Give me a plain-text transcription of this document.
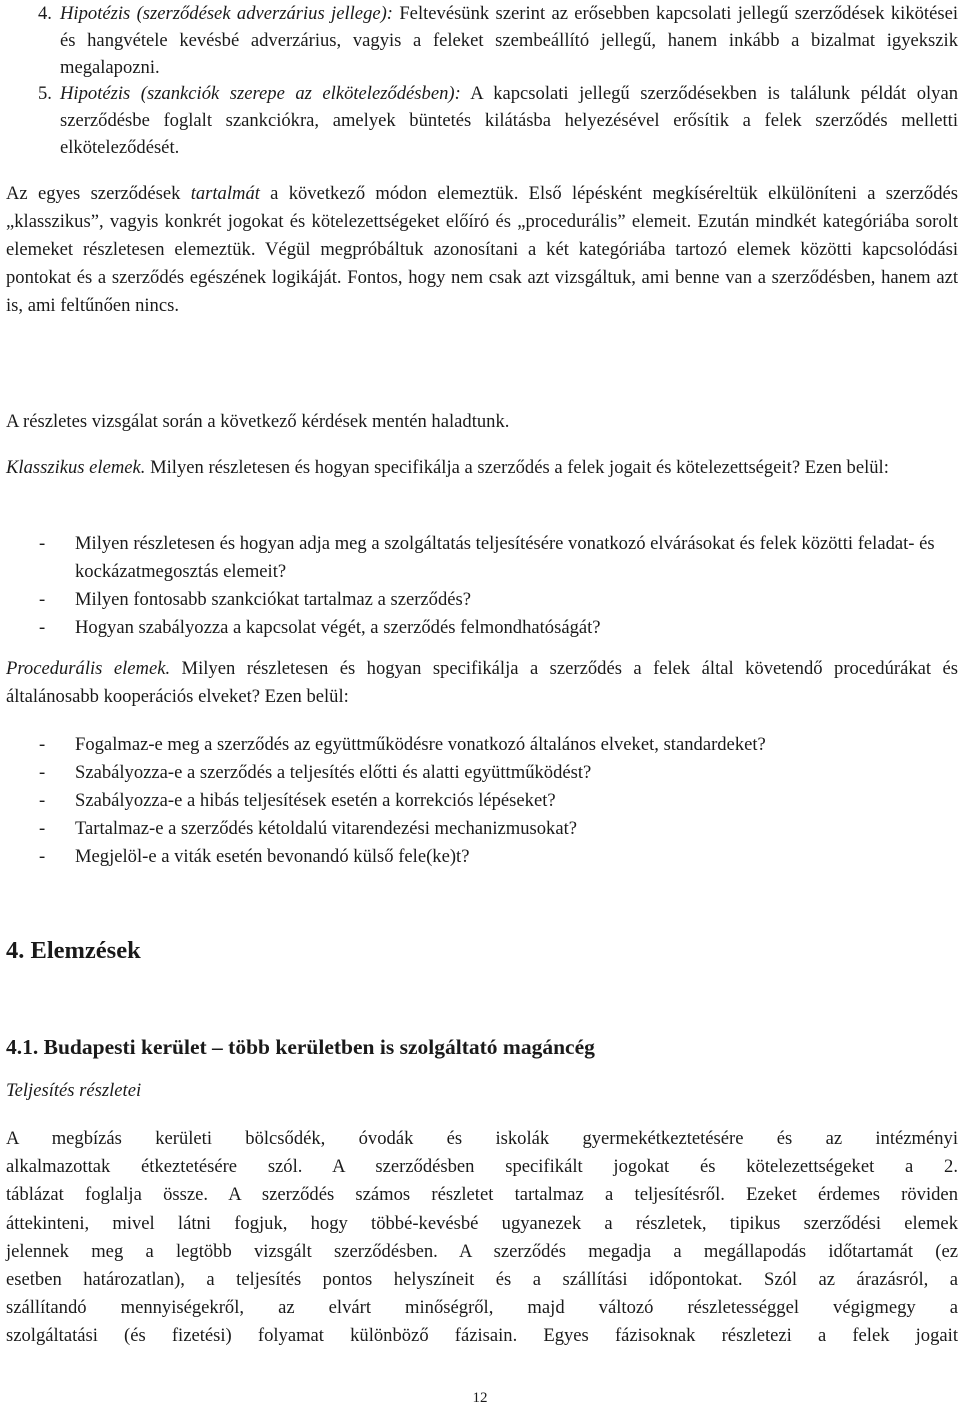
4. Hipotézis (szerződések adverzárius jellege): Feltevésünk szerint az erősebben kapcsolati jellegű szerződések kikötései és hangvétele kevésbé adverzárius, vagyis a feleket szembeállító jellegű, hanem inkább a bizalmat igyekszik megalapozni.
5. Hipotézis (szankciók szerepe az elköteleződésben): A kapcsolati jellegű szerződésekben is találunk példát olyan szerződésbe foglalt szankciókra, amelyek büntetés kilátásba helyezésével erősítik a felek szerződés melletti elköteleződését.

Az egyes szerződések tartalmát a következő módon elemeztük. Első lépésként megkíséreltük elkülöníteni a szerződés „klasszikus”, vagyis konkrét jogokat és kötelezettségeket előíró és „procedurális” elemeit. Ezután mindkét kategóriába sorolt elemeket részletesen elemeztük. Végül megpróbáltuk azonosítani a két kategóriába tartozó elemek közötti kapcsolódási pontokat és a szerződés egészének logikáját. Fontos, hogy nem csak azt vizsgáltuk, ami benne van a szerződésben, hanem azt is, ami feltűnően nincs.

A részletes vizsgálat során a következő kérdések mentén haladtunk.

Klasszikus elemek. Milyen részletesen és hogyan specifikálja a szerződés a felek jogait és kötelezettségeit? Ezen belül:

- Milyen részletesen és hogyan adja meg a szolgáltatás teljesítésére vonatkozó elvárásokat és felek közötti feladat- és kockázatmegosztás elemeit?
- Milyen fontosabb szankciókat tartalmaz a szerződés?
- Hogyan szabályozza a kapcsolat végét, a szerződés felmondhatóságát?

Procedurális elemek. Milyen részletesen és hogyan specifikálja a szerződés a felek által követendő procedúrákat és általánosabb kooperációs elveket? Ezen belül:

- Fogalmaz-e meg a szerződés az együttműködésre vonatkozó általános elveket, standardeket?
- Szabályozza-e a szerződés a teljesítés előtti és alatti együttműködést?
- Szabályozza-e a hibás teljesítések esetén a korrekciós lépéseket?
- Tartalmaz-e a szerződés kétoldalú vitarendezési mechanizmusokat?
- Megjelöl-e a viták esetén bevonandó külső fele(ke)t?
4. Elemzések
4.1. Budapesti kerület – több kerületben is szolgáltató magáncég

Teljesítés részletei

A megbízás kerületi bölcsődék, óvodák és iskolák gyermekétkeztetésére és az intézményi
alkalmazottak étkeztetésére szól. A szerződésben specifikált jogokat és kötelezettségeket a 2.
táblázat foglalja össze. A szerződés számos részletet tartalmaz a teljesítésről. Ezeket érdemes röviden
áttekinteni, mivel látni fogjuk, hogy többé-kevésbé ugyanezek a részletek, tipikus szerződési elemek
jelennek meg a legtöbb vizsgált szerződésben. A szerződés megadja a megállapodás időtartamát (ez
esetben határozatlan), a teljesítés pontos helyszíneit és a szállítási időpontokat. Szól az árazásról, a
szállítandó mennyiségekről, az elvárt minőségről, majd változó részletességgel végigmegy a
szolgáltatási (és fizetési) folyamat különböző fázisain. Egyes fázisoknak részletezi a felek jogait
12
